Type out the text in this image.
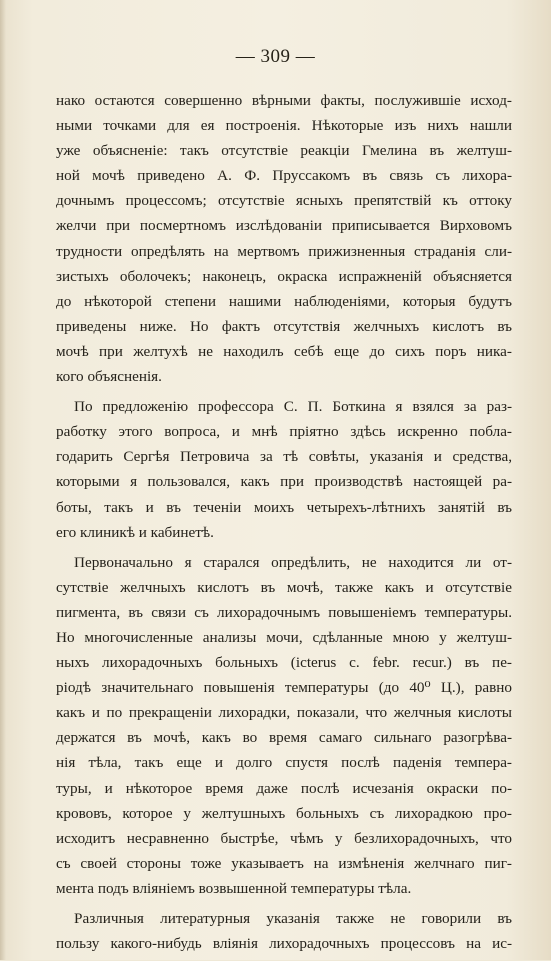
— 309 —
нако остаются совершенно вѣрными факты, послужившіе исход-
ными точками для ея построенія. Нѣкоторые изъ нихъ нашли
уже объясненіе: такъ отсутствіе реакціи Гмелина въ желтуш-
ной мочѣ приведено А. Ф. Пруссакомъ въ связь съ лихора-
дочнымъ процессомъ; отсутствіе ясныхъ препятствій къ оттоку
желчи при посмертномъ изслѣдованіи приписывается Вирховомъ
трудности опредѣлять на мертвомъ прижизненныя страданія сли-
зистыхъ оболочекъ; наконецъ, окраска испражненій объясняется
до нѣкоторой степени нашими наблюденіями, которыя будутъ
приведены ниже. Но фактъ отсутствія желчныхъ кислотъ въ
мочѣ при желтухѣ не находилъ себѣ еще до сихъ поръ ника-
кого объясненія.
По предложенію профессора С. П. Боткина я взялся за раз-
работку этого вопроса, и мнѣ пріятно здѣсь искренно побла-
годарить Сергѣя Петровича за тѣ совѣты, указанія и средства,
которыми я пользовался, какъ при производствѣ настоящей ра-
боты, такъ и въ теченіи моихъ четырехъ-лѣтнихъ занятій въ
его клиникѣ и кабинетѣ.
Первоначально я старался опредѣлить, не находится ли от-
сутствіе желчныхъ кислотъ въ мочѣ, также какъ и отсутствіе
пигмента, въ связи съ лихорадочнымъ повышеніемъ температуры.
Но многочисленные анализы мочи, сдѣланные мною у желтуш-
ныхъ лихорадочныхъ больныхъ (icterus c. febr. recur.) въ пе-
ріодѣ значительнаго повышенія температуры (до 40⁰ Ц.), равно
какъ и по прекращеніи лихорадки, показали, что желчныя кислоты
держатся въ мочѣ, какъ во время самаго сильнаго разогрѣва-
нія тѣла, такъ еще и долго спустя послѣ паденія темпера-
туры, и нѣкоторое время даже послѣ исчезанія окраски по-
крововъ, которое у желтушныхъ больныхъ съ лихорадкою про-
исходитъ несравненно быстрѣе, чѣмъ у безлихорадочныхъ, что
съ своей стороны тоже указываетъ на измѣненія желчнаго пиг-
мента подъ вліяніемъ возвышенной температуры тѣла.
Различныя литературныя указанія также не говорили въ
пользу какого-нибудь вліянія лихорадочныхъ процессовъ на ис-
